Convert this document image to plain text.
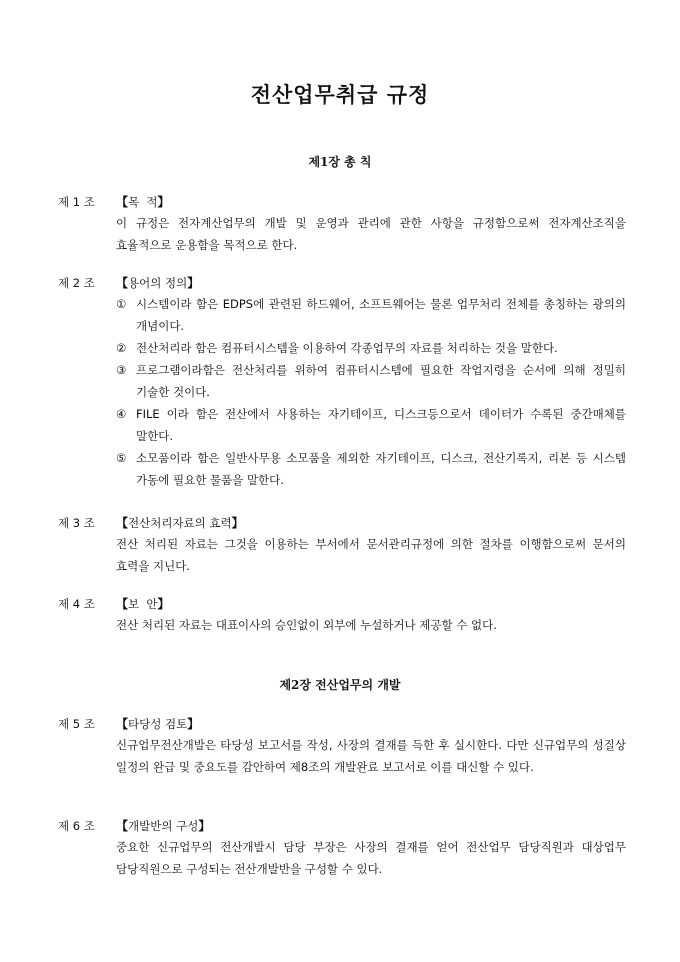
전산업무취급 규정
제1장 총 칙
제 1 조	【 목  적 】

이 규정은 전자계산업무의 개발 및 운영과 관리에 관한 사항을 규정함으로써 전자계산조직을 효율적으로 운용함을 목적으로 한다.

제 2 조	【 용어의 정의 】
① 시스템이라 함은 EDPS에 관련된 하드웨어, 소프트웨어는 물론 업무처리 전체를 총칭하는 광의의 개념이다.
② 전산처리라 함은 컴퓨터시스템을 이용하여 각종업무의 자료를 처리하는 것을 말한다.
③ 프로그램이라함은 전산처리를 위하여 컴퓨터시스템에 필요한 작업지령을 순서에 의해 정밀히 기술한 것이다.
④ FILE 이라 함은 전산에서 사용하는 자기테이프, 디스크등으로서 데이터가 수록된 중간매체를 말한다.
⑤ 소모품이라 함은 일반사무용 소모품을 제외한 자기테이프, 디스크, 전산기록지, 리본 등 시스템 가동에 필요한 물품을 말한다.
제 3 조	【 전산처리자료의 효력 】

전산 처리된 자료는 그것을 이용하는 부서에서 문서관리규정에 의한 절차를 이행함으로써 문서의 효력을 지닌다.

제 4 조	【 보  안 】

전산 처리된 자료는 대표이사의 승인없이 외부에 누설하거나 제공할 수 없다.

제2장 전산업무의 개발
제 5 조	【 타당성 검토 】

신규업무전산개발은 타당성 보고서를 작성, 사장의 결재를 득한 후 실시한다. 다만 신규업무의 성질상 일정의 완급 및 중요도를 감안하여 제8조의 개발완료 보고서로 이를 대신할 수 있다.

제 6 조	【 개발반의 구성 】

중요한 신규업무의 전산개발시 담당 부장은 사장의 결재를 얻어 전산업무 담당직원과 대상업무 담당직원으로 구성되는 전산개발반을 구성할 수 있다.
